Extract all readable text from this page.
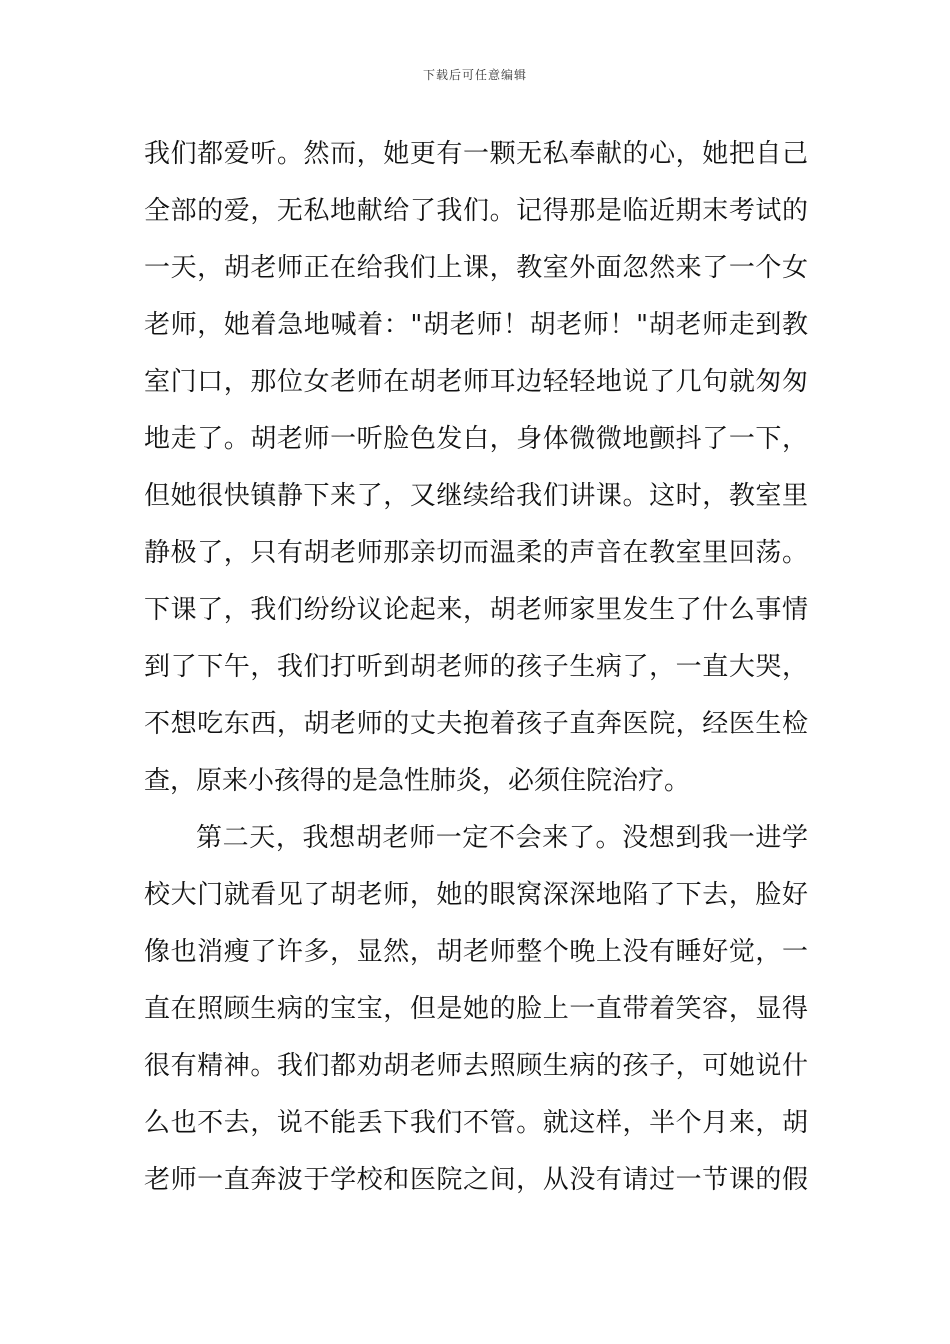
下载后可任意编辑
我们都爱听。然而，她更有一颗无私奉献的心，她把自己
全部的爱，无私地献给了我们。记得那是临近期末考试的
一天，胡老师正在给我们上课，教室外面忽然来了一个女
老师，她着急地喊着："胡老师！胡老师！"胡老师走到教
室门口，那位女老师在胡老师耳边轻轻地说了几句就匆匆
地走了。胡老师一听脸色发白，身体微微地颤抖了一下，
但她很快镇静下来了，又继续给我们讲课。这时，教室里
静极了，只有胡老师那亲切而温柔的声音在教室里回荡。
下课了，我们纷纷议论起来，胡老师家里发生了什么事情
到了下午，我们打听到胡老师的孩子生病了，一直大哭，
不想吃东西，胡老师的丈夫抱着孩子直奔医院，经医生检
查，原来小孩得的是急性肺炎，必须住院治疗。
第二天，我想胡老师一定不会来了。没想到我一进学
校大门就看见了胡老师，她的眼窝深深地陷了下去，脸好
像也消瘦了许多，显然，胡老师整个晚上没有睡好觉，一
直在照顾生病的宝宝，但是她的脸上一直带着笑容，显得
很有精神。我们都劝胡老师去照顾生病的孩子，可她说什
么也不去，说不能丢下我们不管。就这样，半个月来，胡
老师一直奔波于学校和医院之间，从没有请过一节课的假
